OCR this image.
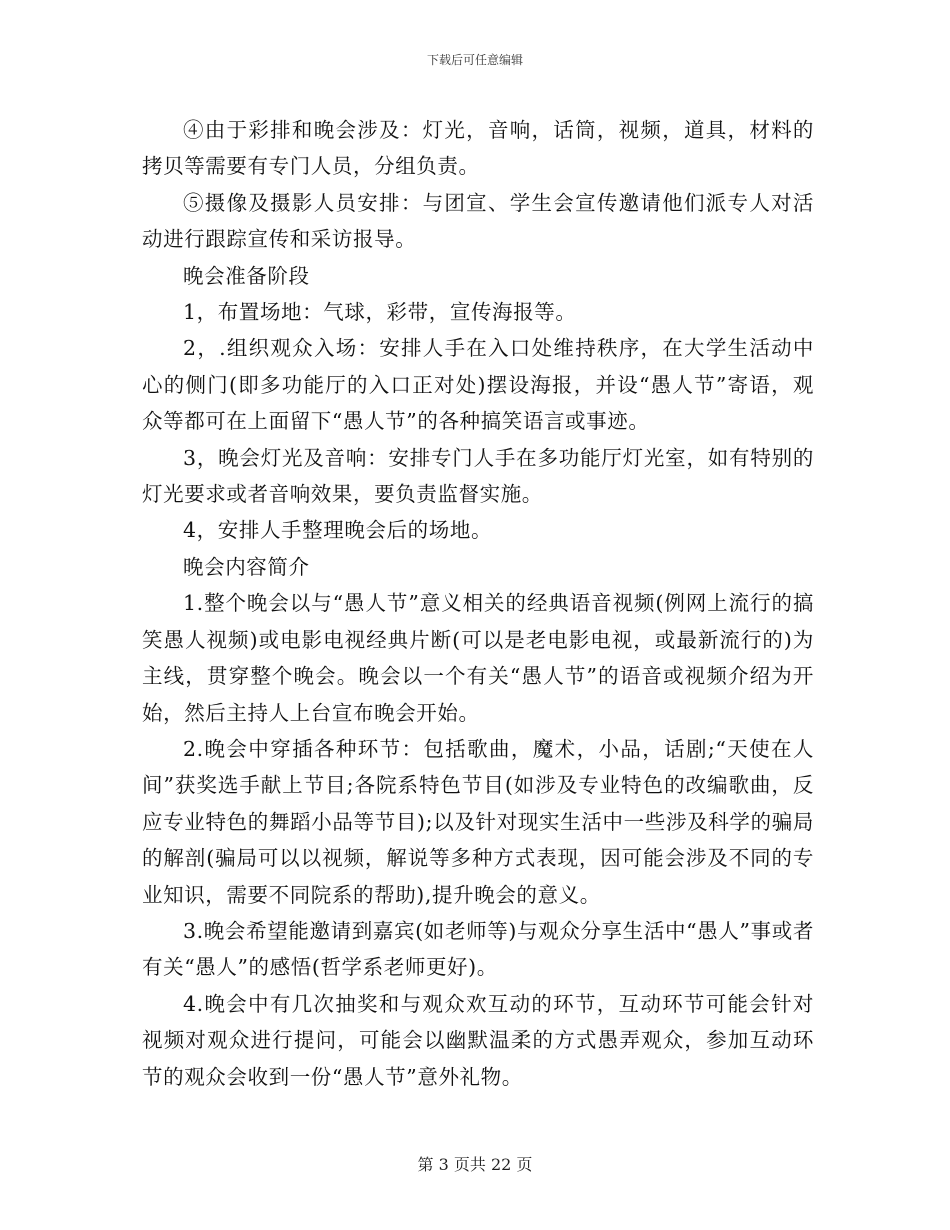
下载后可任意编辑

④由于彩排和晚会涉及：灯光，音响，话筒，视频，道具，材料的拷贝等需要有专门人员，分组负责。

⑤摄像及摄影人员安排：与团宣、学生会宣传邀请他们派专人对活动进行跟踪宣传和采访报导。

晚会准备阶段

1，布置场地：气球，彩带，宣传海报等。

2，.组织观众入场：安排人手在入口处维持秩序，在大学生活动中心的侧门(即多功能厅的入口正对处)摆设海报，并设“愚人节”寄语，观众等都可在上面留下“愚人节”的各种搞笑语言或事迹。

3，晚会灯光及音响：安排专门人手在多功能厅灯光室，如有特别的灯光要求或者音响效果，要负责监督实施。

4，安排人手整理晚会后的场地。

晚会内容简介

1.整个晚会以与“愚人节”意义相关的经典语音视频(例网上流行的搞笑愚人视频)或电影电视经典片断(可以是老电影电视，或最新流行的)为主线，贯穿整个晚会。晚会以一个有关“愚人节”的语音或视频介绍为开始，然后主持人上台宣布晚会开始。

2.晚会中穿插各种环节：包括歌曲，魔术，小品，话剧;“天使在人间”获奖选手献上节目;各院系特色节目(如涉及专业特色的改编歌曲，反应专业特色的舞蹈小品等节目);以及针对现实生活中一些涉及科学的骗局的解剖(骗局可以以视频，解说等多种方式表现，因可能会涉及不同的专业知识，需要不同院系的帮助),提升晚会的意义。

3.晚会希望能邀请到嘉宾(如老师等)与观众分享生活中“愚人”事或者有关“愚人”的感悟(哲学系老师更好)。

4.晚会中有几次抽奖和与观众欢互动的环节，互动环节可能会针对视频对观众进行提问，可能会以幽默温柔的方式愚弄观众，参加互动环节的观众会收到一份“愚人节”意外礼物。

第 3 页共 22 页
